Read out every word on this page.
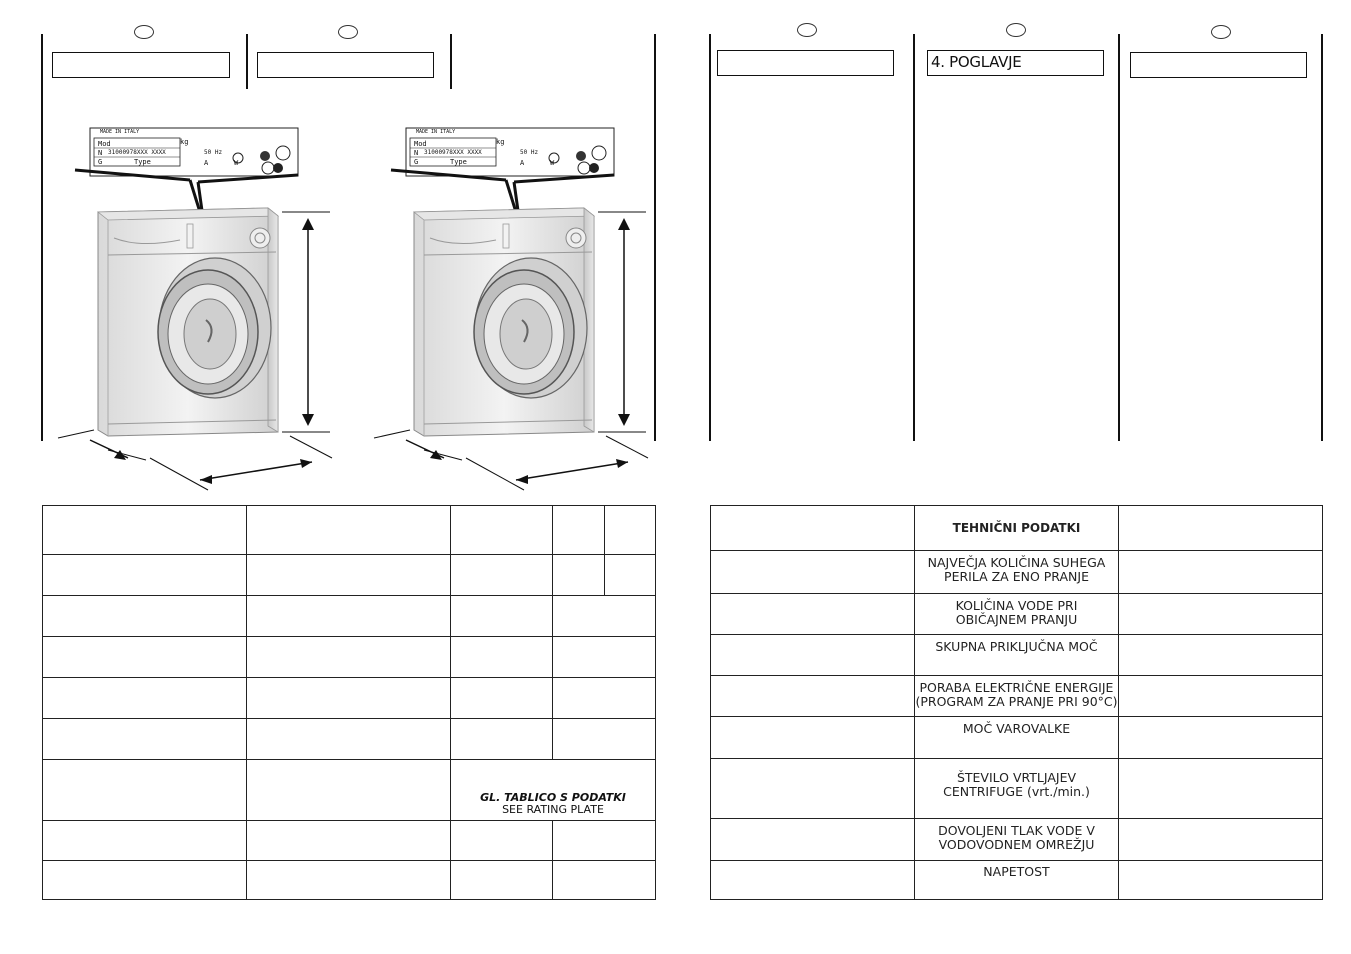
MADE IN ITALY
Mod	kg
N 31000978XXX XXXX
G	Type
50 Hz
A	W
MADE IN ITALY
Mod	kg
N 31000978XXX XXXX
G	Type
50 Hz
A	W
GL. TABLICO S PODATKI
SEE RATING PLATE
4. POGLAVJE
TEHNIČNI PODATKI
NAJVEČJA KOLIČINA SUHEGA PERILA ZA ENO PRANJE
KOLIČINA VODE PRI OBIČAJNEM PRANJU
SKUPNA PRIKLJUČNA MOČ
PORABA ELEKTRIČNE ENERGIJE (PROGRAM ZA PRANJE PRI 90°C)
MOČ VAROVALKE
ŠTEVILO VRTLJAJEV CENTRIFUGE (vrt./min.)
DOVOLJENI TLAK VODE V VODOVODNEM OMREŽJU
NAPETOST
